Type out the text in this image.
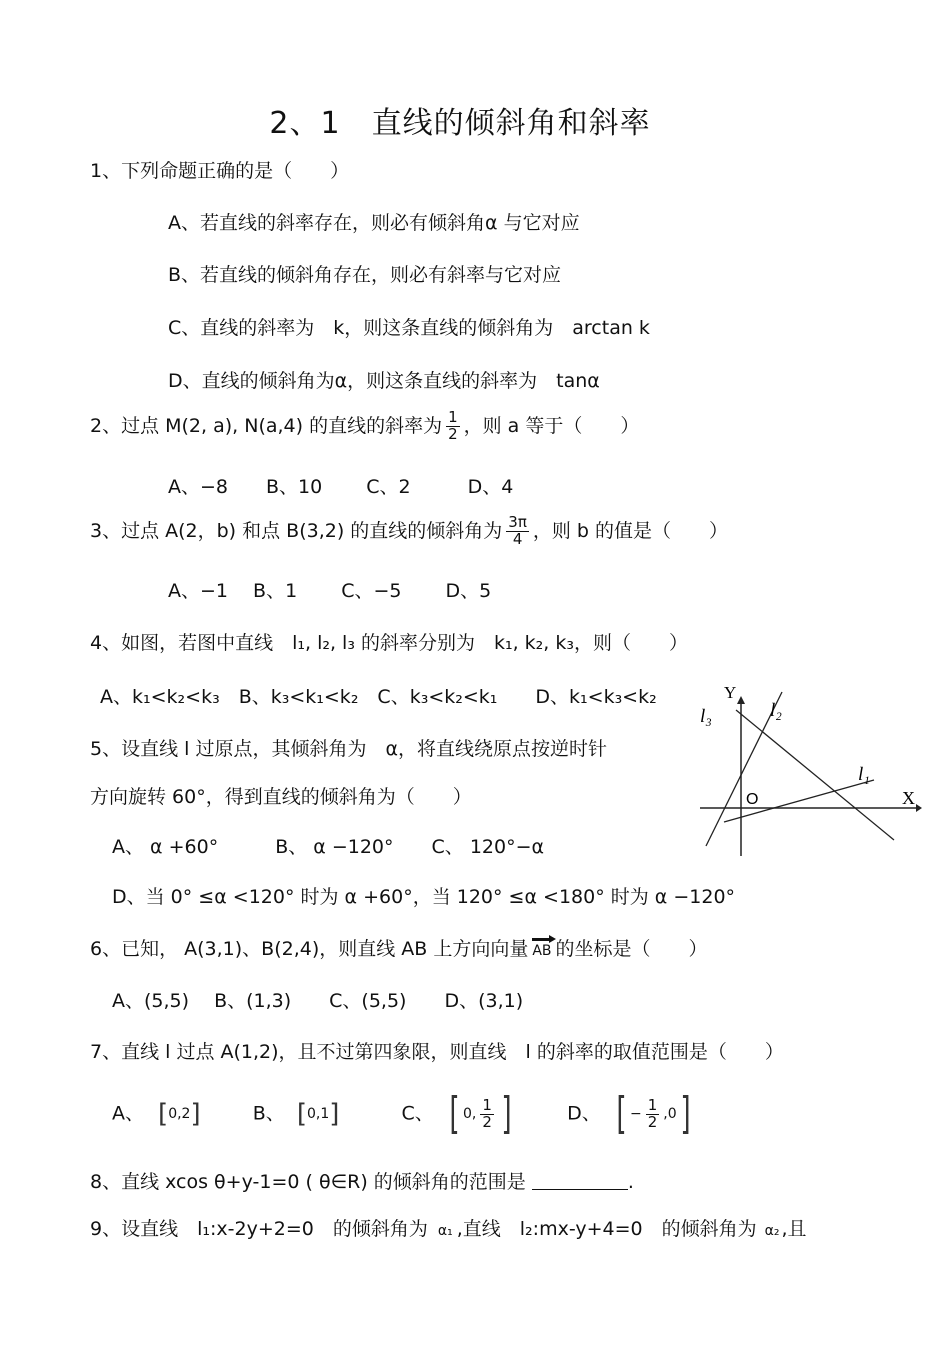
2、1　直线的倾斜角和斜率
1、下列命题正确的是（　　）
A、若直线的斜率存在，则必有倾斜角α 与它对应
B、若直线的倾斜角存在，则必有斜率与它对应
C、直线的斜率为　k，则这条直线的倾斜角为　arctan k
D、直线的倾斜角为α，则这条直线的斜率为　tanα
2、过点 M(2, a), N(a,4) 的直线的斜率为 $\frac{1}{2}$ ，则 a 等于（　　）
A、−8　　B、10　　 C、2　　　D、4
3、过点 A(2，b) 和点 B(3,2) 的直线的倾斜角为 $\frac{3\pi}{4}$ ，则 b 的值是（　　）
A、−1　 B、1　　 C、−5　　 D、5
4、如图，若图中直线　l₁, l₂, l₃ 的斜率分别为　k₁, k₂, k₃，则（　　）
A、k₁<k₂<k₃　B、k₃<k₁<k₂　C、k₃<k₂<k₁　　D、k₁<k₃<k₂	Y
X
O
l₂
l₃
l₁
5、设直线 l 过原点，其倾斜角为　α，将直线绕原点按逆时针
方向旋转 60°，得到直线的倾斜角为（　　）
A、 α +60°　　　B、 α −120°　　C、 120°−α
D、当 0° ≤α <120° 时为 α +60°，当 120° ≤α <180° 时为 α −120°
6、已知， A(3,1)、B(2,4)，则直线 AB 上方向向量 AB 的坐标是（　　）
A、(5,5)　 B、(1,3)　　C、(5,5)　　D、(3,1)
7、直线 l 过点 A(1,2)，且不过第四象限，则直线　l 的斜率的取值范围是（　　）
A、 [ 0,2 ]	B、 [ 0,1 ]	C、 [ 0, $\frac{1}{2}$ ]	D、 [ − $\frac{1}{2} ,0$ ]
8、直线 xcos θ+y-1=0 ( θ∈R) 的倾斜角的范围是	.
9、设直线　l₁:x-2y+2=0　的倾斜角为 α₁ ,直线　l₂:mx-y+4=0　的倾斜角为 α₂ ,且
